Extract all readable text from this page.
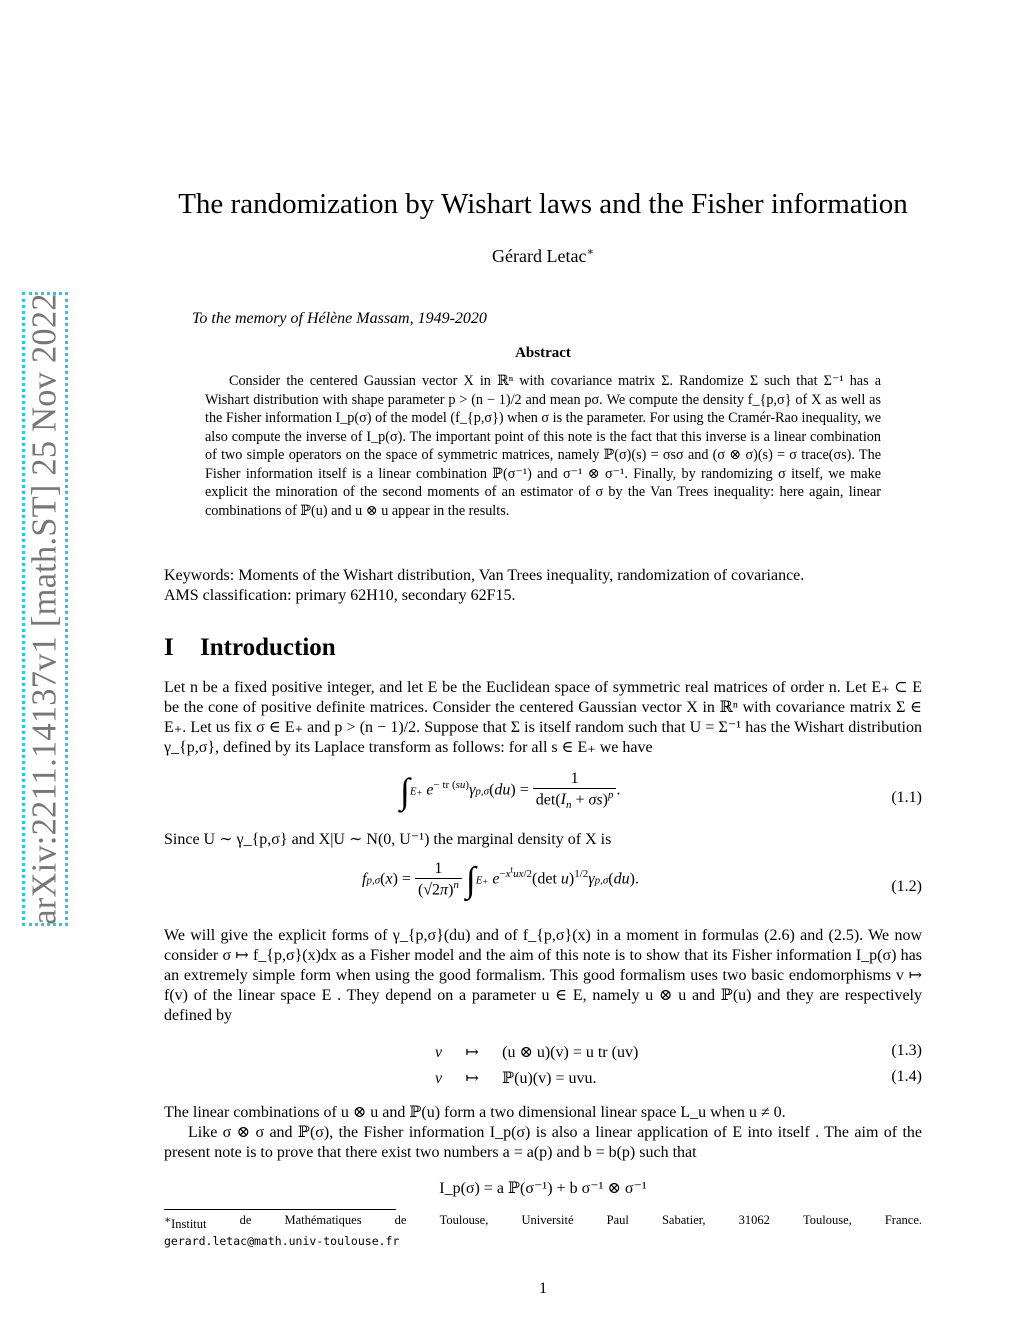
arXiv:2211.14137v1 [math.ST] 25 Nov 2022
The randomization by Wishart laws and the Fisher information
Gérard Letac∗
To the memory of Hélène Massam, 1949-2020
Abstract

Consider the centered Gaussian vector X in ℝⁿ with covariance matrix Σ. Randomize Σ such that Σ⁻¹ has a Wishart distribution with shape parameter p > (n − 1)/2 and mean pσ. We compute the density f_{p,σ} of X as well as the Fisher information I_p(σ) of the model (f_{p,σ}) when σ is the parameter. For using the Cramér-Rao inequality, we also compute the inverse of I_p(σ). The important point of this note is the fact that this inverse is a linear combination of two simple operators on the space of symmetric matrices, namely ℙ(σ)(s) = σsσ and (σ ⊗ σ)(s) = σ trace(σs). The Fisher information itself is a linear combination ℙ(σ⁻¹) and σ⁻¹ ⊗ σ⁻¹. Finally, by randomizing σ itself, we make explicit the minoration of the second moments of an estimator of σ by the Van Trees inequality: here again, linear combinations of ℙ(u) and u ⊗ u appear in the results.

Keywords: Moments of the Wishart distribution, Van Trees inequality, randomization of covariance.

AMS classification: primary 62H10, secondary 62F15.

I Introduction

Let n be a fixed positive integer, and let E be the Euclidean space of symmetric real matrices of order n. Let E₊ ⊂ E be the cone of positive definite matrices. Consider the centered Gaussian vector X in ℝⁿ with covariance matrix Σ ∈ E₊. Let us fix σ ∈ E₊ and p > (n − 1)/2. Suppose that Σ is itself random such that U = Σ⁻¹ has the Wishart distribution γ_{p,σ}, defined by its Laplace transform as follows: for all s ∈ E₊ we have

∫E₊ $e^{- tr (su)}\gamma p,\sigma(du) = \frac{1}{\det(I_n + \sigma s)^p}$ .	(1.1)

Since U ∼ γ_{p,σ} and X|U ∼ N(0, U⁻¹) the marginal density of X is

$fp,\sigma(x) = \frac{1}{(√2\pi)^n} \int E_+$ $e^{-x^tux/2}(\det$ u)$^{1/2}$γp,σ(du).	(1.2)

We will give the explicit forms of γ_{p,σ}(du) and of f_{p,σ}(x) in a moment in formulas (2.6) and (2.5). We now consider σ ↦ f_{p,σ}(x)dx as a Fisher model and the aim of this note is to show that its Fisher information I_p(σ) has an extremely simple form when using the good formalism. This good formalism uses two basic endomorphisms v ↦ f(v) of the linear space E . They depend on a parameter u ∈ E, namely u ⊗ u and ℙ(u) and they are respectively defined by

v ↦ (u ⊗ u)(v) = u tr (uv)	(1.3)
v ↦ ℙ(u)(v) = uvu.	(1.4)

The linear combinations of u ⊗ u and ℙ(u) form a two dimensional linear space L_u when u ≠ 0.

Like σ ⊗ σ and ℙ(σ), the Fisher information I_p(σ) is also a linear application of E into itself . The aim of the present note is to prove that there exist two numbers a = a(p) and b = b(p) such that

I_p(σ) = a ℙ(σ⁻¹) + b σ⁻¹ ⊗ σ⁻¹
∗Institut	de	Mathématiques	de	Toulouse,	Université	Paul	Sabatier,	31062	Toulouse,	France.
gerard.letac@math.univ-toulouse.fr
1
